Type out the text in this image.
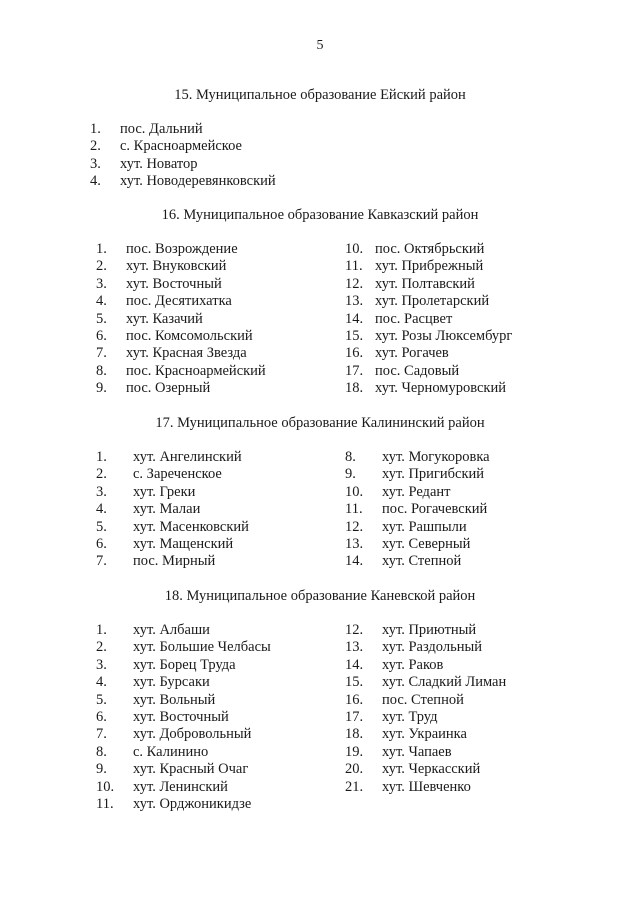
5
15. Муниципальное образование Ейский район
1. пос. Дальний
2. с. Красноармейское
3. хут. Новатор
4. хут. Новодеревянковский
16. Муниципальное образование Кавказский район
1. пос. Возрождение
2. хут. Внуковский
3. хут. Восточный
4. пос. Десятихатка
5. хут. Казачий
6. пос. Комсомольский
7. хут. Красная Звезда
8. пос. Красноармейский
9. пос. Озерный
10. пос. Октябрьский
11. хут. Прибрежный
12. хут. Полтавский
13. хут. Пролетарский
14. пос. Расцвет
15. хут. Розы Люксембург
16. хут. Рогачев
17. пос. Садовый
18. хут. Черномуровский
17. Муниципальное образование Калининский район
1. хут. Ангелинский
2. с. Зареченское
3. хут. Греки
4. хут. Малаи
5. хут. Масенковский
6. хут. Мащенский
7. пос. Мирный
8. хут. Могукоровка
9. хут. Пригибский
10. хут. Редант
11. пос. Рогачевский
12. хут. Рашпыли
13. хут. Северный
14. хут. Степной
18. Муниципальное образование Каневской район
1. хут. Албаши
2. хут. Большие Челбасы
3. хут. Борец Труда
4. хут. Бурсаки
5. хут. Вольный
6. хут. Восточный
7. хут. Добровольный
8. с. Калинино
9. хут. Красный Очаг
10. хут. Ленинский
11. хут. Орджоникидзе
12. хут. Приютный
13. хут. Раздольный
14. хут. Раков
15. хут. Сладкий Лиман
16. пос. Степной
17. хут. Труд
18. хут. Украинка
19. хут. Чапаев
20. хут. Черкасский
21. хут. Шевченко
